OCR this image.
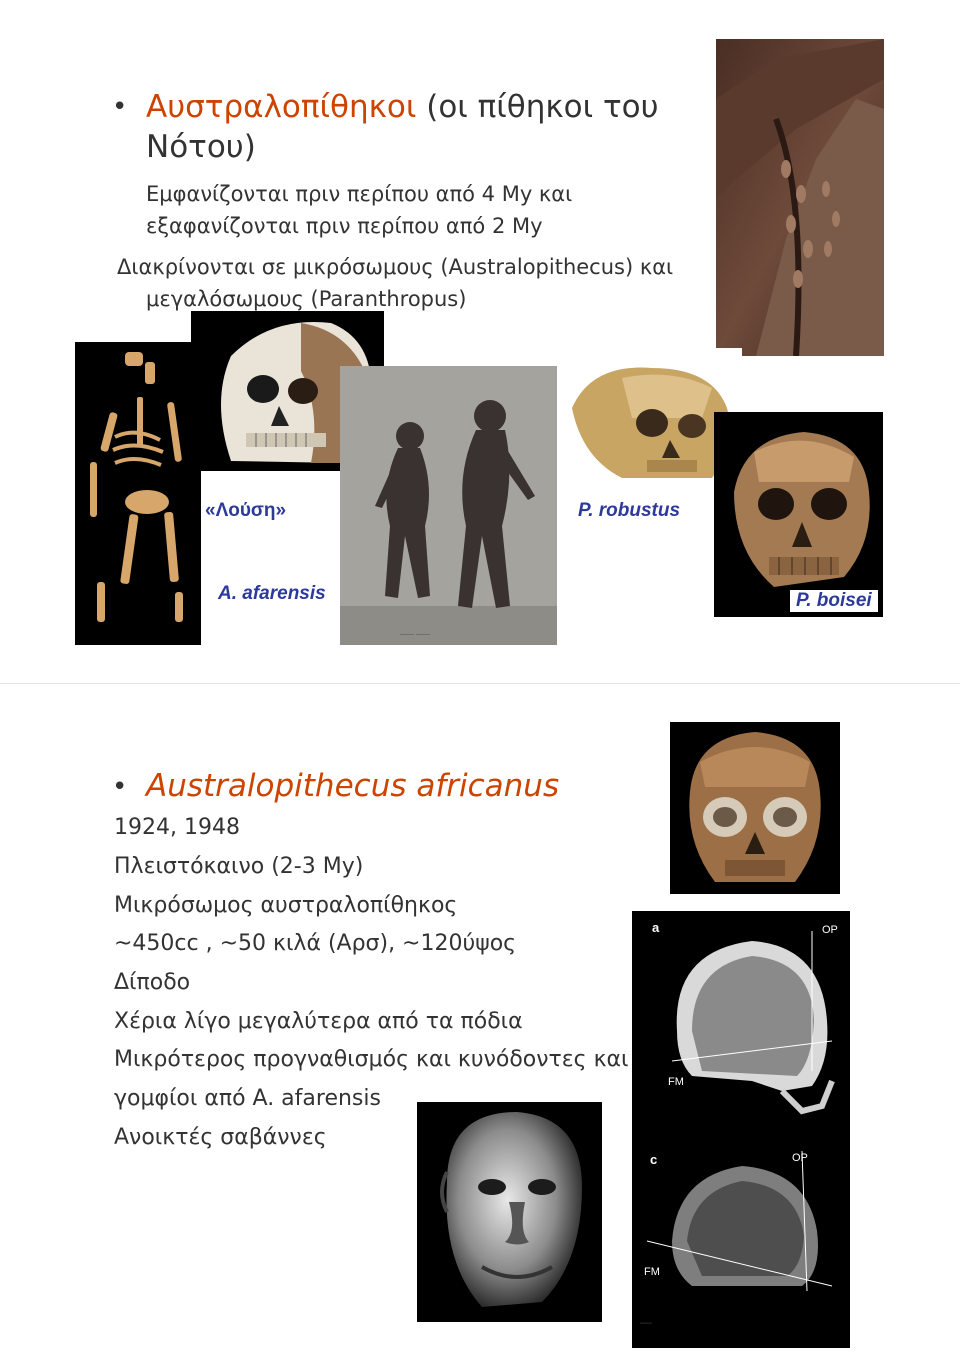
• Αυστραλοπίθηκοι (οι πίθηκοι του
Νότου)
Εμφανίζονται πριν περίπου από 4 My και
εξαφανίζονται πριν περίπου από 2 My
Διακρίνονται σε μικρόσωμους (Australopithecus) και
μεγαλόσωμους (Paranthropus)
—— ——
«Λούση»
A. afarensis
P. robustus
P. boisei
• Australopithecus africanus
1924, 1948
Πλειστόκαινο (2-3 My)
Μικρόσωμος αυστραλοπίθηκος
~450cc , ~50 κιλά (Αρσ), ~120ύψος
Δίποδο
Χέρια λίγο μεγαλύτερα από τα πόδια
Μικρότερος προγναθισμός και κυνόδοντες και
γομφίοι από A. afarensis
Ανοικτές σαβάννες
—
a	OP
FM
c	OP
FM
